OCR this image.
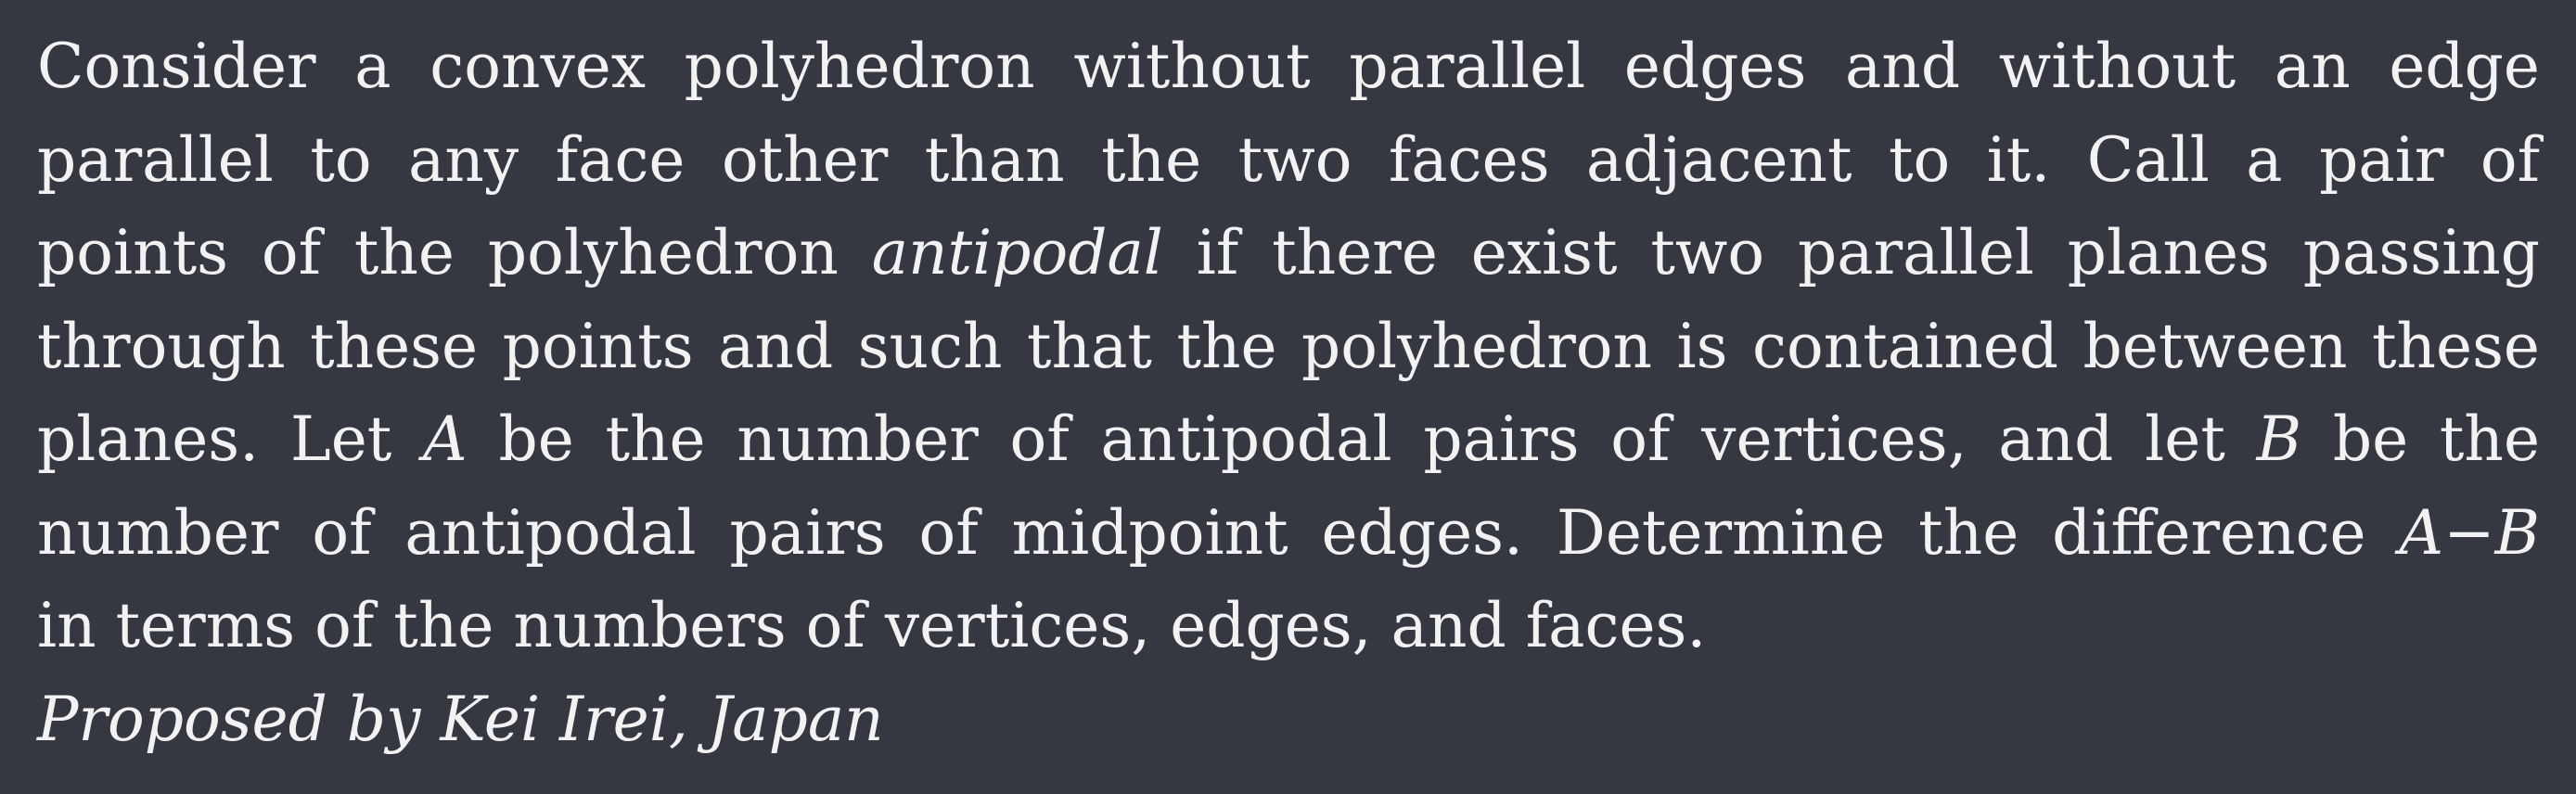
Consider a convex polyhedron without parallel edges and without an edge
parallel to any face other than the two faces adjacent to it. Call a pair of
points of the polyhedron antipodal if there exist two parallel planes passing
through these points and such that the polyhedron is contained between these
planes. Let A be the number of antipodal pairs of vertices, and let B be the
number of antipodal pairs of midpoint edges. Determine the difference A−B
in terms of the numbers of vertices, edges, and faces.
Proposed by Kei Irei, Japan
